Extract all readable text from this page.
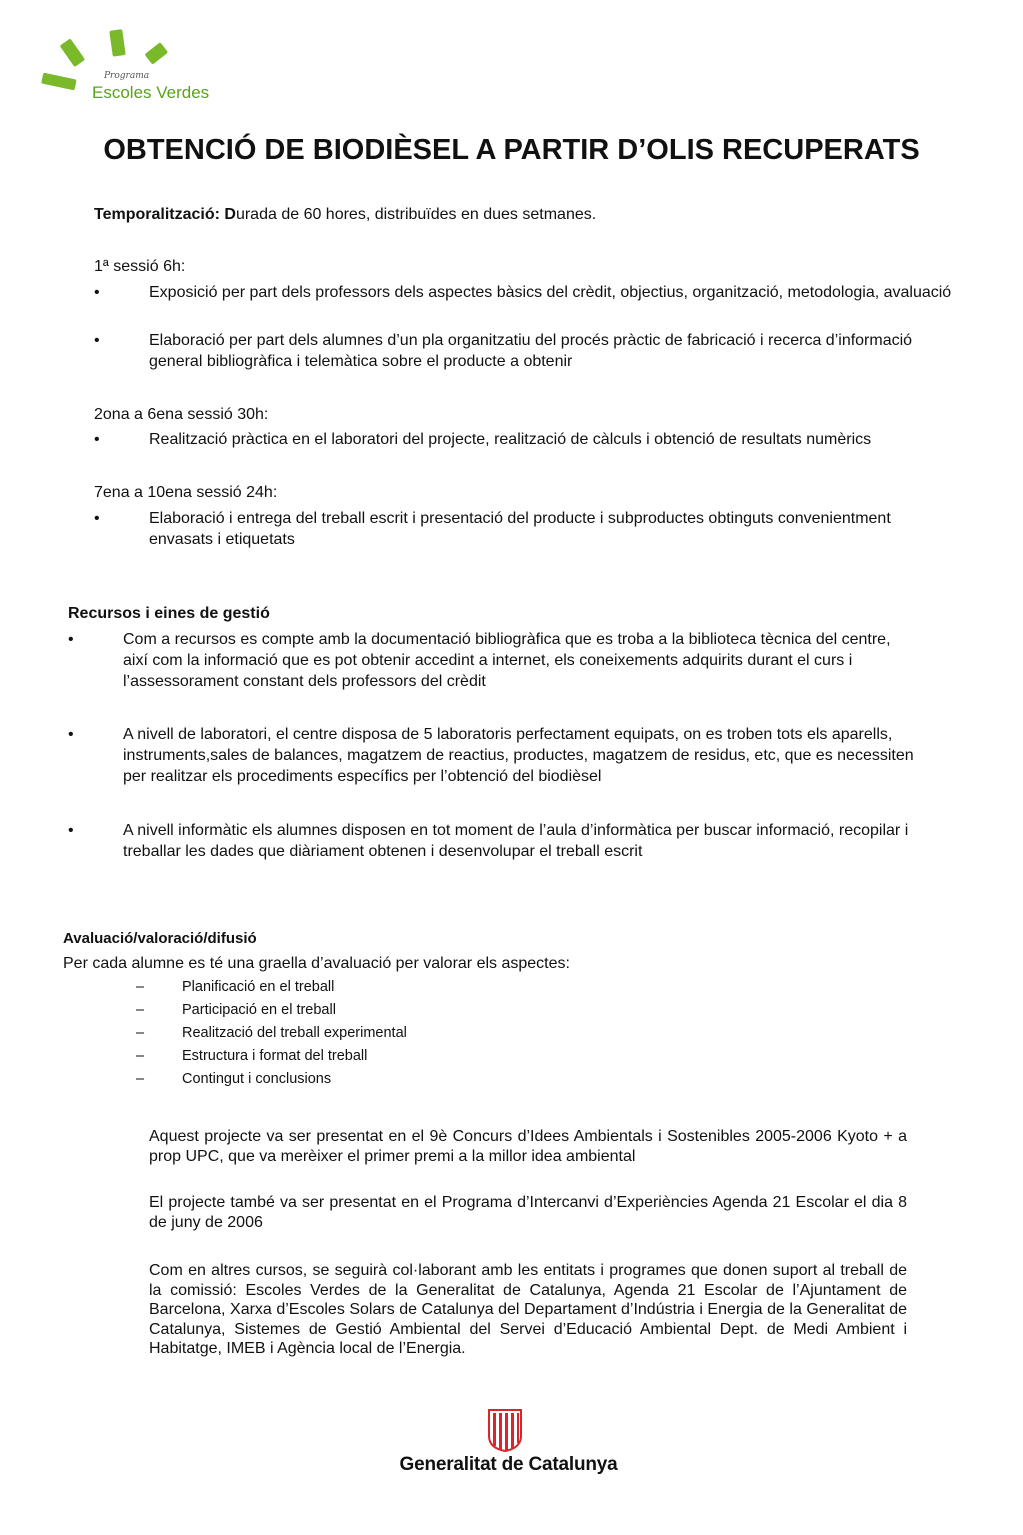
Programa
Escoles Verdes
OBTENCIÓ DE BIODIÈSEL A PARTIR D’OLIS RECUPERATS
Temporalització: Durada de 60 hores, distribuïdes en dues setmanes.
1ª sessió 6h:
•	Exposició per part dels professors dels aspectes bàsics del crèdit, objectius, organització, metodologia, avaluació
•	Elaboració per part dels alumnes d’un pla organitzatiu del procés pràctic de fabricació i recerca d’informació general bibliogràfica i telemàtica sobre el producte a obtenir
2ona a 6ena sessió 30h:
•	Realització pràctica en el laboratori del projecte, realització de càlculs i obtenció de resultats numèrics
7ena a 10ena sessió 24h:
•	Elaboració i entrega del treball escrit i presentació del producte i subproductes obtinguts convenientment envasats i etiquetats
Recursos i eines de gestió
•	Com a recursos es compte amb la documentació bibliogràfica que es troba a la biblioteca tècnica del centre, així com la informació que es pot obtenir accedint a internet, els coneixements adquirits durant el curs i l’assessorament constant dels professors del crèdit
•	A nivell de laboratori, el centre disposa de 5 laboratoris perfectament equipats, on es troben tots els aparells, instruments,sales de balances, magatzem de reactius, productes, magatzem de residus, etc, que es necessiten per realitzar els procediments específics per l’obtenció del biodièsel
•	A nivell informàtic els alumnes disposen en tot moment de l’aula d’informàtica per buscar informació, recopilar i treballar les dades que diàriament obtenen i desenvolupar el treball escrit
Avaluació/valoració/difusió
Per cada alumne es té una graella d’avaluació per valorar els aspectes:
–	Planificació en el treball
–	Participació en el treball
–	Realització del treball experimental
–	Estructura i format del treball
–	Contingut i conclusions
Aquest projecte va ser presentat en el 9è Concurs d’Idees Ambientals i Sostenibles 2005-2006 Kyoto + a prop UPC, que va merèixer el primer premi a la millor idea ambiental
El projecte també va ser presentat en el Programa d’Intercanvi d’Experiències Agenda 21 Escolar el dia 8 de juny de 2006
Com en altres cursos, se seguirà col·laborant amb les entitats i programes que donen suport al treball de la comissió: Escoles Verdes de la Generalitat de Catalunya, Agenda 21 Escolar de l’Ajuntament de Barcelona, Xarxa d’Escoles Solars de Catalunya del Departament d’Indústria i Energia de la Generalitat de Catalunya, Sistemes de Gestió Ambiental del Servei d’Educació Ambiental Dept. de Medi Ambient i Habitatge, IMEB i Agència local de l’Energia.
Generalitat de Catalunya
